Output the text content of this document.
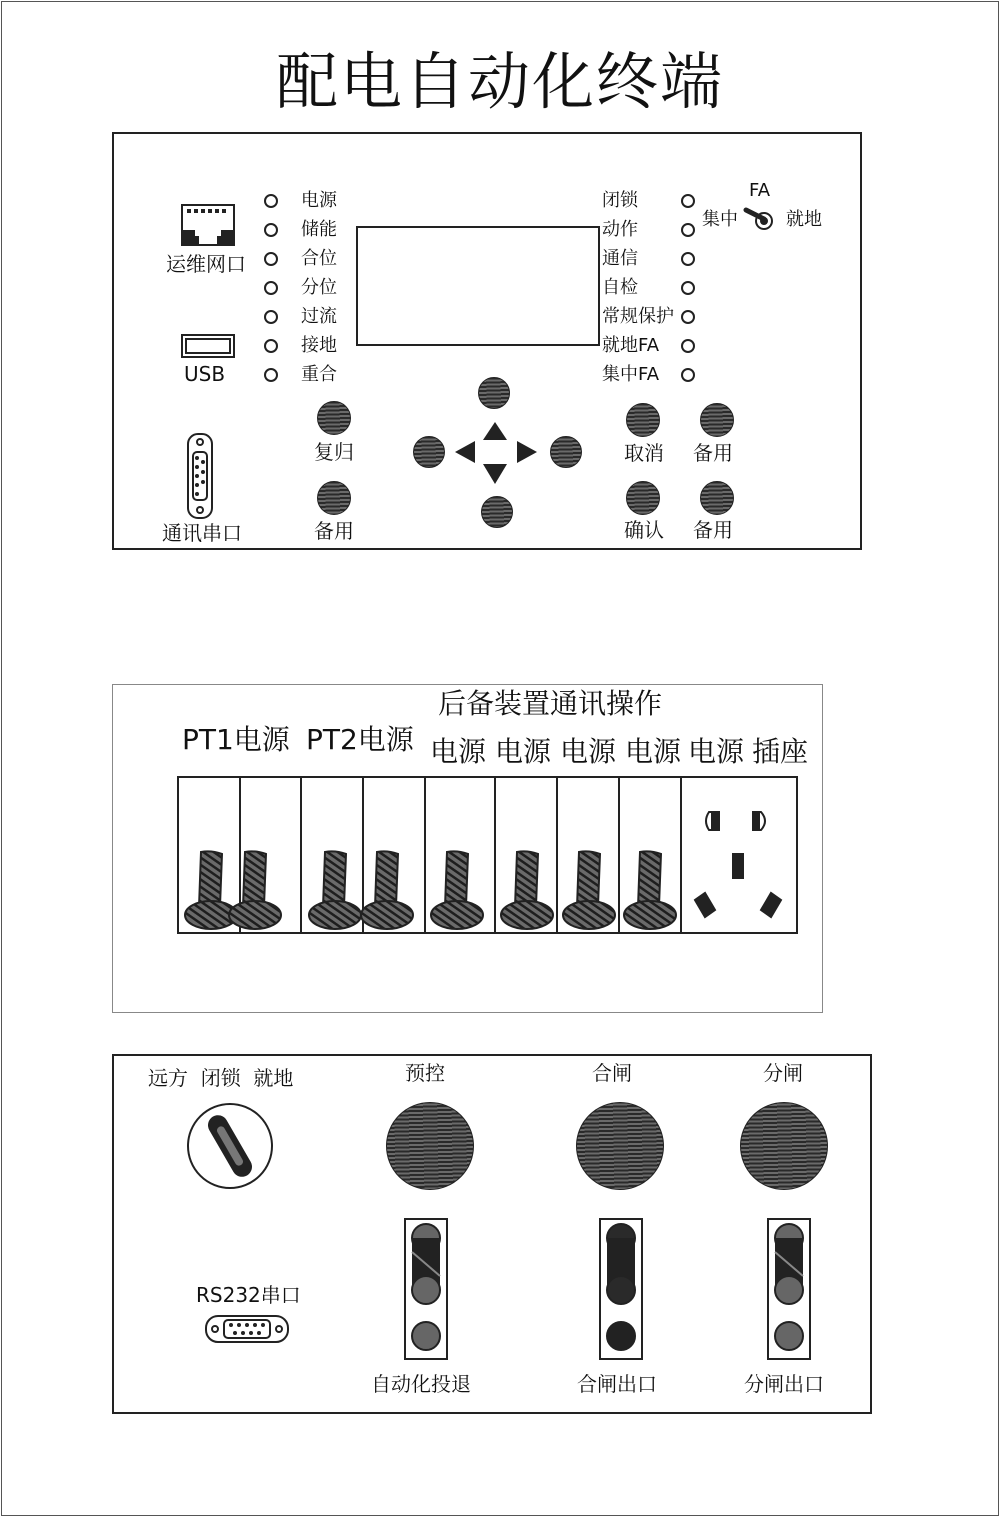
配电自动化终端
运维网口
USB
通讯串口
电源
储能
合位
分位
过流
接地
重合
闭锁
动作
通信
自检
常规保护
就地FA
集中FA
FA
集中	就地
复归
备用
取消 备用
确认 备用
后备装置通讯操作
PT1电源 PT2电源 电源 电源 电源 电源 电源 插座
远方  闭锁  就地	预控	合闸	分闸
自动化投退	合闸出口	分闸出口
RS232串口
